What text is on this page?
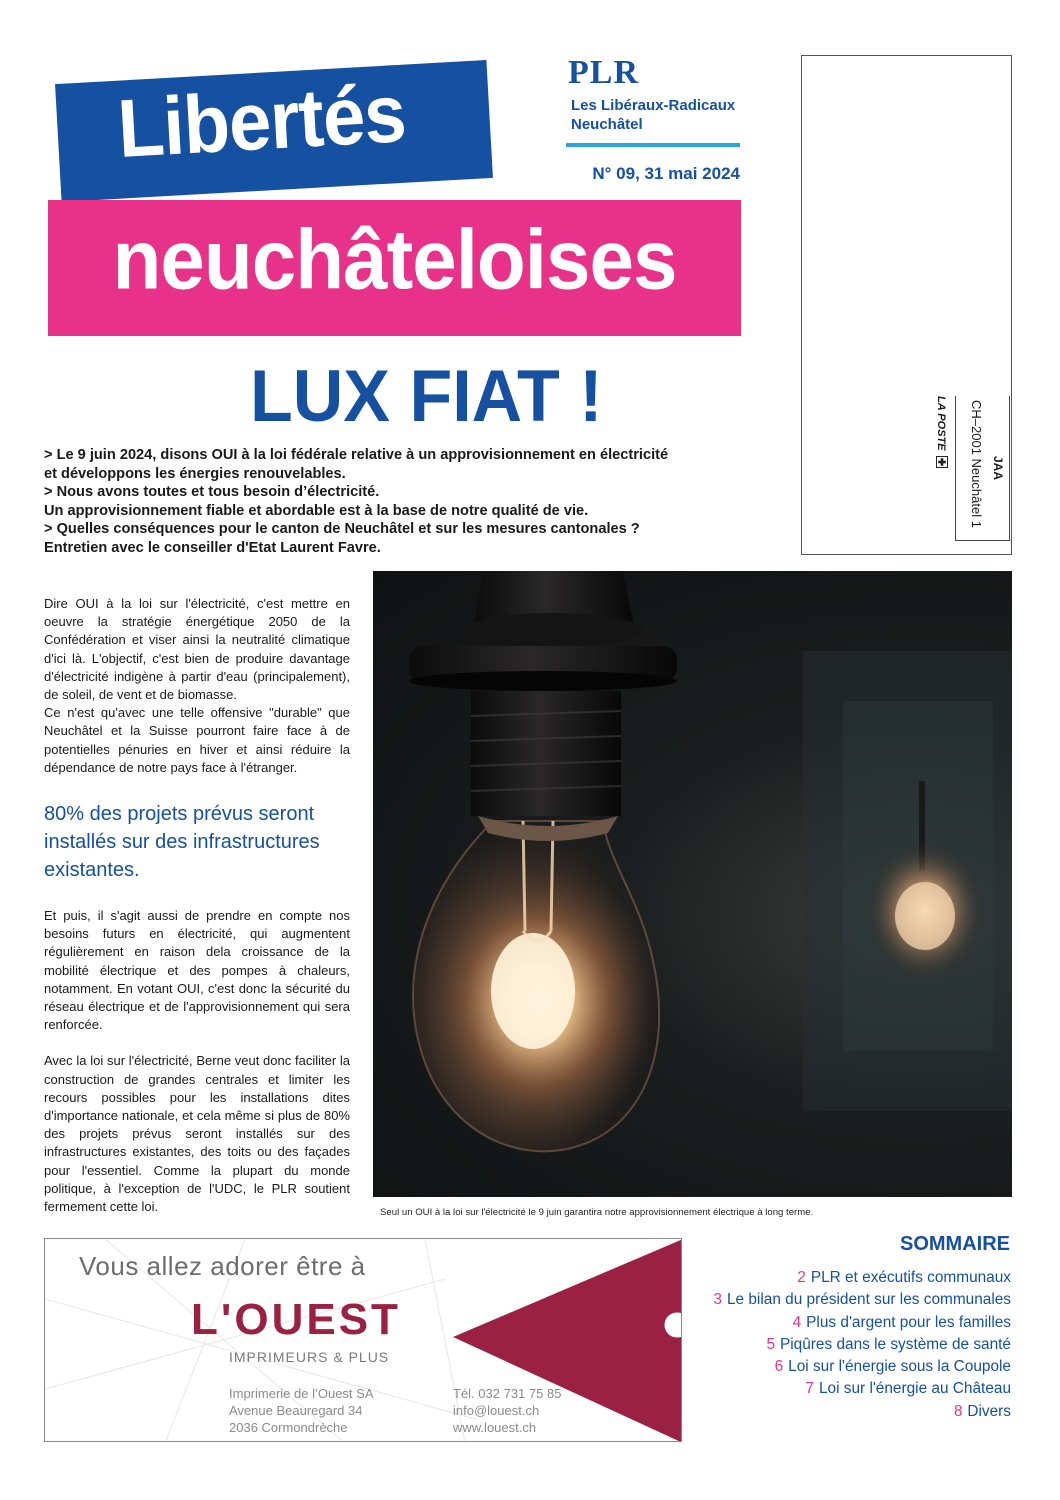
Libertés
neuchâteloises
PLR
Les Libéraux-Radicaux
Neuchâtel
N° 09, 31 mai 2024
JAA
CH–2001 Neuchâtel 1
LA POSTE
LUX FIAT !
> Le 9 juin 2024, disons OUI à la loi fédérale relative à un approvisionnement en électricité
et développons les énergies renouvelables.
> Nous avons toutes et tous besoin d’électricité.
Un approvisionnement fiable et abordable est à la base de notre qualité de vie.
> Quelles conséquences pour le canton de Neuchâtel et sur les mesures cantonales ?
Entretien avec le conseiller d'Etat Laurent Favre.

Dire OUI à la loi sur l'électricité, c'est mettre en oeuvre la stratégie énergétique 2050 de la Confédération et viser ainsi la neutralité climatique d'ici là. L'objectif, c'est bien de produire davantage d'électricité indigène à partir d'eau (principalement), de soleil, de vent et de biomasse.

Ce n'est qu'avec une telle offensive "durable" que Neuchâtel et la Suisse pourront faire face à de potentielles pénuries en hiver et ainsi réduire la dépendance de notre pays face à l'étranger.

80% des projets prévus seront installés sur des infrastructures existantes.

Et puis, il s'agit aussi de prendre en compte nos besoins futurs en électricité, qui augmentent régulièrement en raison dela croissance de la mobilité électrique et des pompes à chaleurs, notamment. En votant OUI, c'est donc la sécurité du réseau électrique et de l'approvisionnement qui sera renforcée.

Avec la loi sur l'électricité, Berne veut donc faciliter la construction de grandes centrales et limiter les recours possibles pour les installations dites d'importance nationale, et cela même si plus de 80% des projets prévus seront installés sur des infrastructures existantes, des toits ou des façades pour l'essentiel. Comme la plupart du monde politique, à l'exception de l'UDC, le PLR soutient fermement cette loi.	Seul un OUI à la loi sur l'électricité le 9 juin garantira notre approvisionnement électrique à long terme.
Vous allez adorer être à
L'OUEST
IMPRIMEURS & PLUS
Imprimerie de l’Ouest SA
Avenue Beauregard 34
2036 Cormondrèche
Tél. 032 731 75 85
info@louest.ch
www.louest.ch
SOMMAIRE
2 PLR et exécutifs communaux
3 Le bilan du président sur les communales
4 Plus d'argent pour les familles
5 Piqûres dans le système de santé
6 Loi sur l'énergie sous la Coupole
7 Loi sur l'énergie au Château
8 Divers
